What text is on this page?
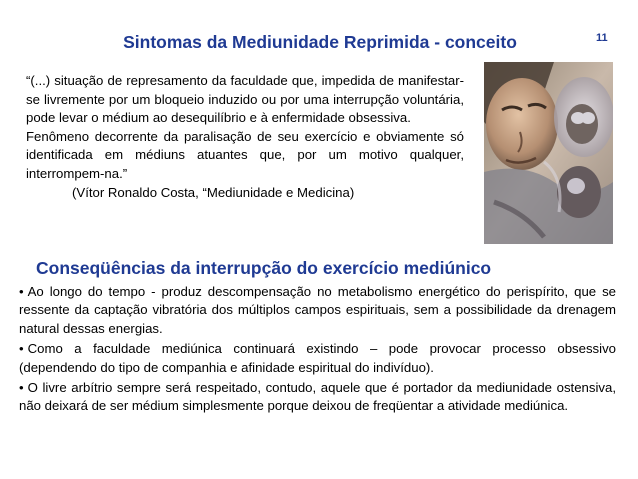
Sintomas da Mediunidade Reprimida - conceito	11

“(...) situação de represamento da faculdade que, impedida de manifestar-se livremente por um bloqueio induzido ou por uma interrupção voluntária, pode levar o médium ao desequilíbrio e à enfermidade obsessiva.

Fenômeno decorrente da paralisação de seu exercício e obviamente só identificada em médiuns atuantes que, por um motivo qualquer, interrompem-na.”

(Vítor Ronaldo Costa, “Mediunidade e Medicina)

Conseqüências da interrupção do exercício mediúnico

• Ao longo do tempo - produz descompensação no metabolismo energético do perispírito, que se ressente da captação vibratória dos múltiplos campos espirituais, sem a possibilidade da drenagem natural dessas energias.

• Como a faculdade mediúnica continuará existindo – pode provocar processo obsessivo (dependendo do tipo de companhia e afinidade espiritual do indivíduo).

• O livre arbítrio sempre será respeitado, contudo, aquele que é portador da mediunidade ostensiva, não deixará de ser médium simplesmente porque deixou de freqüentar a atividade mediúnica.
